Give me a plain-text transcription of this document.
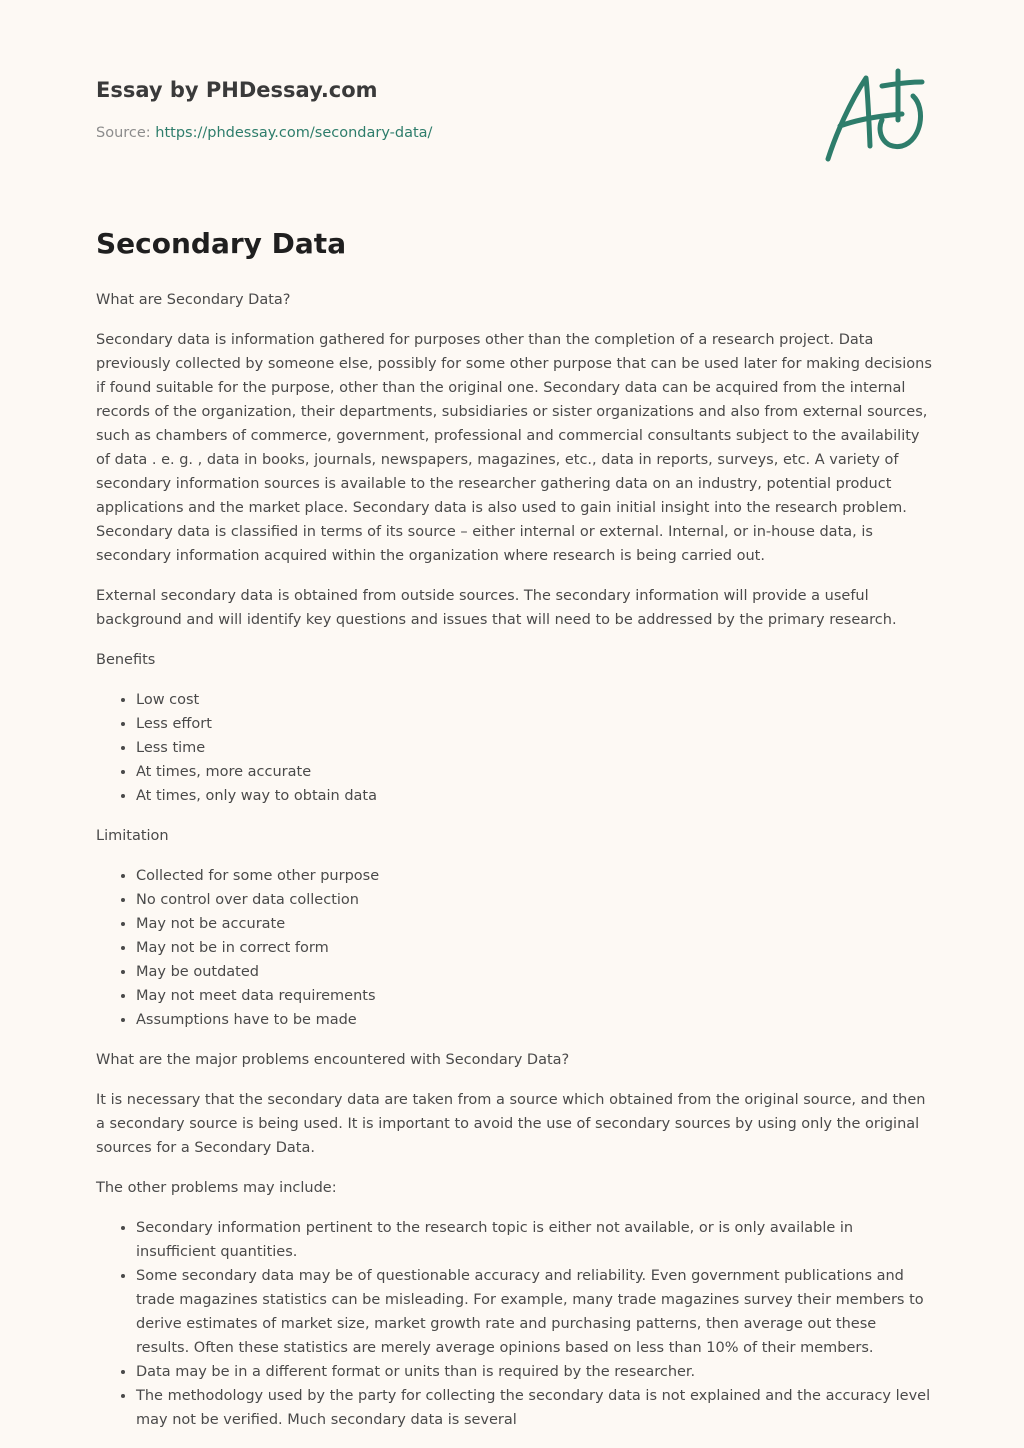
Essay by PHDessay.com
Source: https://phdessay.com/secondary-data/
Secondary Data

What are Secondary Data?

Secondary data is information gathered for purposes other than the completion of a research project. Data previously collected by someone else, possibly for some other purpose that can be used later for making decisions if found suitable for the purpose, other than the original one. Secondary data can be acquired from the internal records of the organization, their departments, subsidiaries or sister organizations and also from external sources, such as chambers of commerce, government, professional and commercial consultants subject to the availability of data . e. g. , data in books, journals, newspapers, magazines, etc., data in reports, surveys, etc. A variety of secondary information sources is available to the researcher gathering data on an industry, potential product applications and the market place. Secondary data is also used to gain initial insight into the research problem. Secondary data is classified in terms of its source – either internal or external. Internal, or in-house data, is secondary information acquired within the organization where research is being carried out.

External secondary data is obtained from outside sources. The secondary information will provide a useful background and will identify key questions and issues that will need to be addressed by the primary research.

Benefits

• Low cost
• Less effort
• Less time
• At times, more accurate
• At times, only way to obtain data

Limitation

• Collected for some other purpose
• No control over data collection
• May not be accurate
• May not be in correct form
• May be outdated
• May not meet data requirements
• Assumptions have to be made

What are the major problems encountered with Secondary Data?

It is necessary that the secondary data are taken from a source which obtained from the original source, and then a secondary source is being used. It is important to avoid the use of secondary sources by using only the original sources for a Secondary Data.

The other problems may include:

• Secondary information pertinent to the research topic is either not available, or is only available in insufficient quantities.
• Some secondary data may be of questionable accuracy and reliability. Even government publications and trade magazines statistics can be misleading. For example, many trade magazines survey their members to derive estimates of market size, market growth rate and purchasing patterns, then average out these results. Often these statistics are merely average opinions based on less than 10% of their members.
• Data may be in a different format or units than is required by the researcher.
• The methodology used by the party for collecting the secondary data is not explained and the accuracy level may not be verified. Much secondary data is several
